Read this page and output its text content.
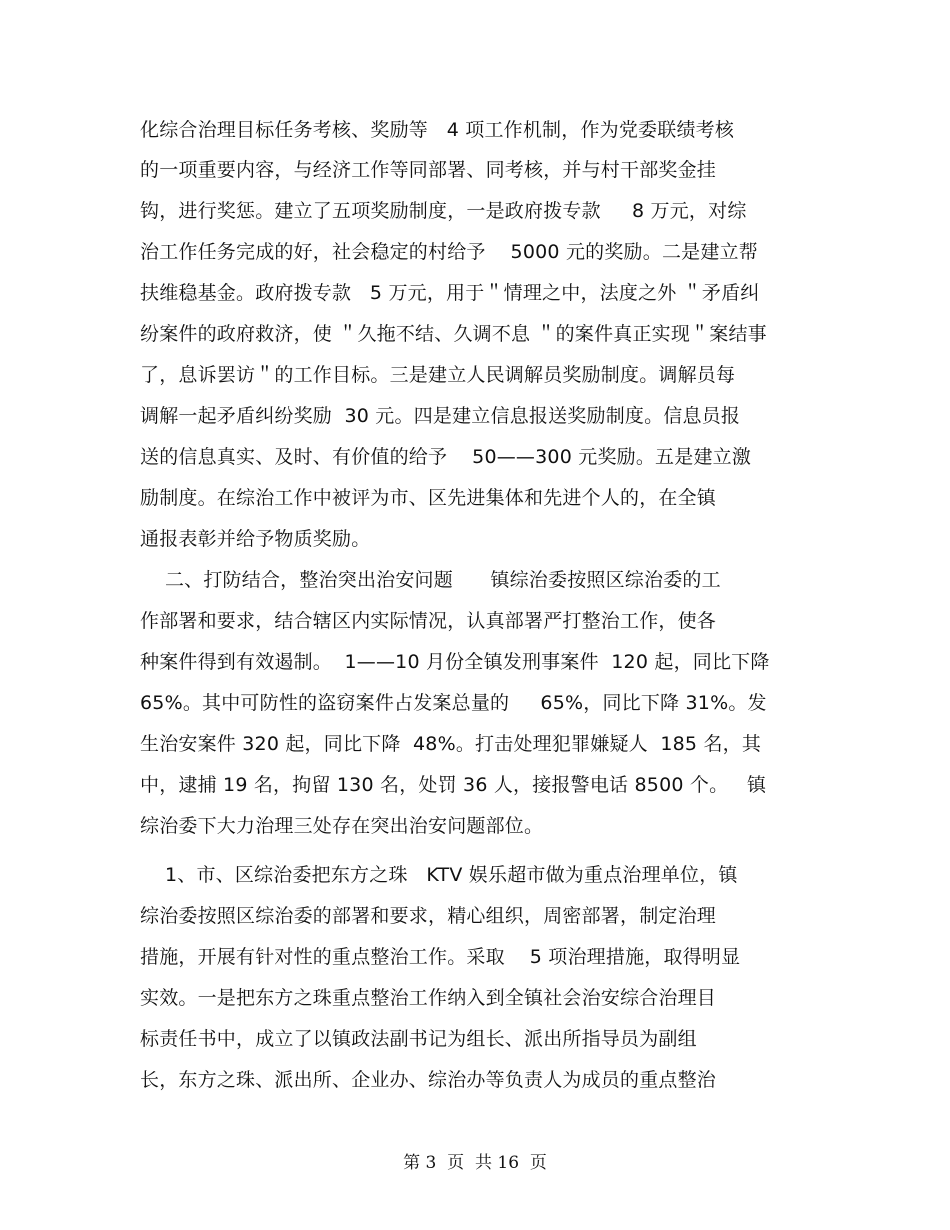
化综合治理目标任务考核、奖励等   4 项工作机制，作为党委联绩考核
的一项重要内容，与经济工作等同部署、同考核，并与村干部奖金挂
钩，进行奖惩。建立了五项奖励制度，一是政府拨专款     8 万元，对综
治工作任务完成的好，社会稳定的村给予    5000 元的奖励。二是建立帮
扶维稳基金。政府拨专款   5 万元，用于＂情理之中，法度之外 ＂矛盾纠
纷案件的政府救济，使 ＂久拖不结、久调不息 ＂的案件真正实现＂案结事
了，息诉罢访＂的工作目标。三是建立人民调解员奖励制度。调解员每
调解一起矛盾纠纷奖励  30 元。四是建立信息报送奖励制度。信息员报
送的信息真实、及时、有价值的给予    50——300 元奖励。五是建立激
励制度。在综治工作中被评为市、区先进集体和先进个人的，在全镇
通报表彰并给予物质奖励。
二、打防结合，整治突出治安问题      镇综治委按照区综治委的工
作部署和要求，结合辖区内实际情况，认真部署严打整治工作，使各
种案件得到有效遏制。  1——10 月份全镇发刑事案件  120 起，同比下降
65%。其中可防性的盗窃案件占发案总量的     65%，同比下降 31%。发
生治安案件 320 起，同比下降  48%。打击处理犯罪嫌疑人  185 名，其
中，逮捕 19 名，拘留 130 名，处罚 36 人，接报警电话 8500 个。   镇
综治委下大力治理三处存在突出治安问题部位。
1、市、区综治委把东方之珠   KTV 娱乐超市做为重点治理单位，镇
综治委按照区综治委的部署和要求，精心组织，周密部署，制定治理
措施，开展有针对性的重点整治工作。采取    5 项治理措施，取得明显
实效。一是把东方之珠重点整治工作纳入到全镇社会治安综合治理目
标责任书中，成立了以镇政法副书记为组长、派出所指导员为副组
长，东方之珠、派出所、企业办、综治办等负责人为成员的重点整治
第 3  页  共 16  页
